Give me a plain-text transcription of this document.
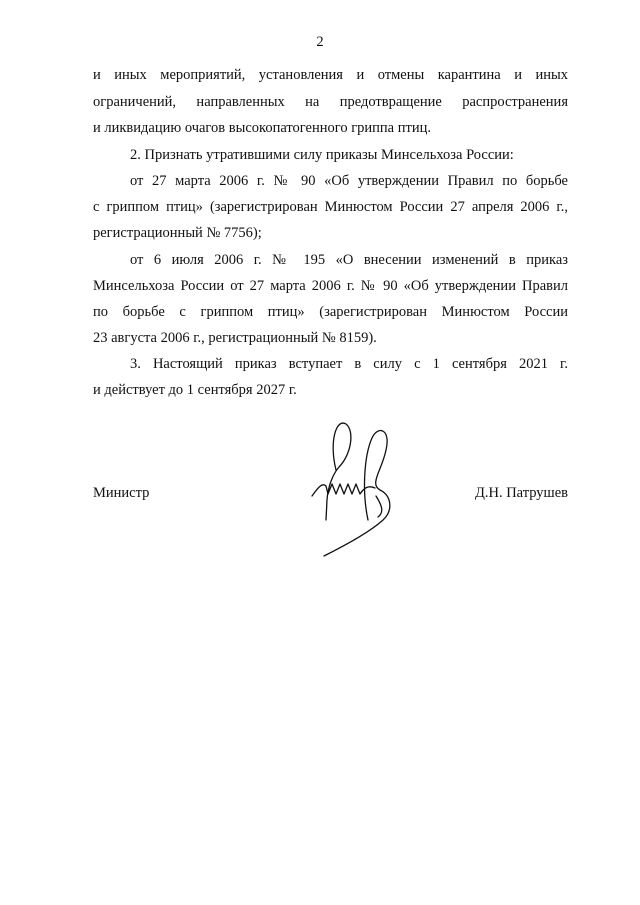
2
и иных мероприятий, установления и отмены карантина и иных
ограничений, направленных на предотвращение распространения
и ликвидацию очагов высокопатогенного гриппа птиц.
2. Признать утратившими силу приказы Минсельхоза России:
от 27 марта 2006 г. № 90 «Об утверждении Правил по борьбе
с гриппом птиц» (зарегистрирован Минюстом России 27 апреля 2006 г.,
регистрационный № 7756);
от 6 июля 2006 г. № 195 «О внесении изменений в приказ
Минсельхоза России от 27 марта 2006 г. № 90 «Об утверждении Правил
по борьбе с гриппом птиц» (зарегистрирован Минюстом России
23 августа 2006 г., регистрационный № 8159).
3. Настоящий приказ вступает в силу с 1 сентября 2021 г.
и действует до 1 сентября 2027 г.
Министр	Д.Н. Патрушев
